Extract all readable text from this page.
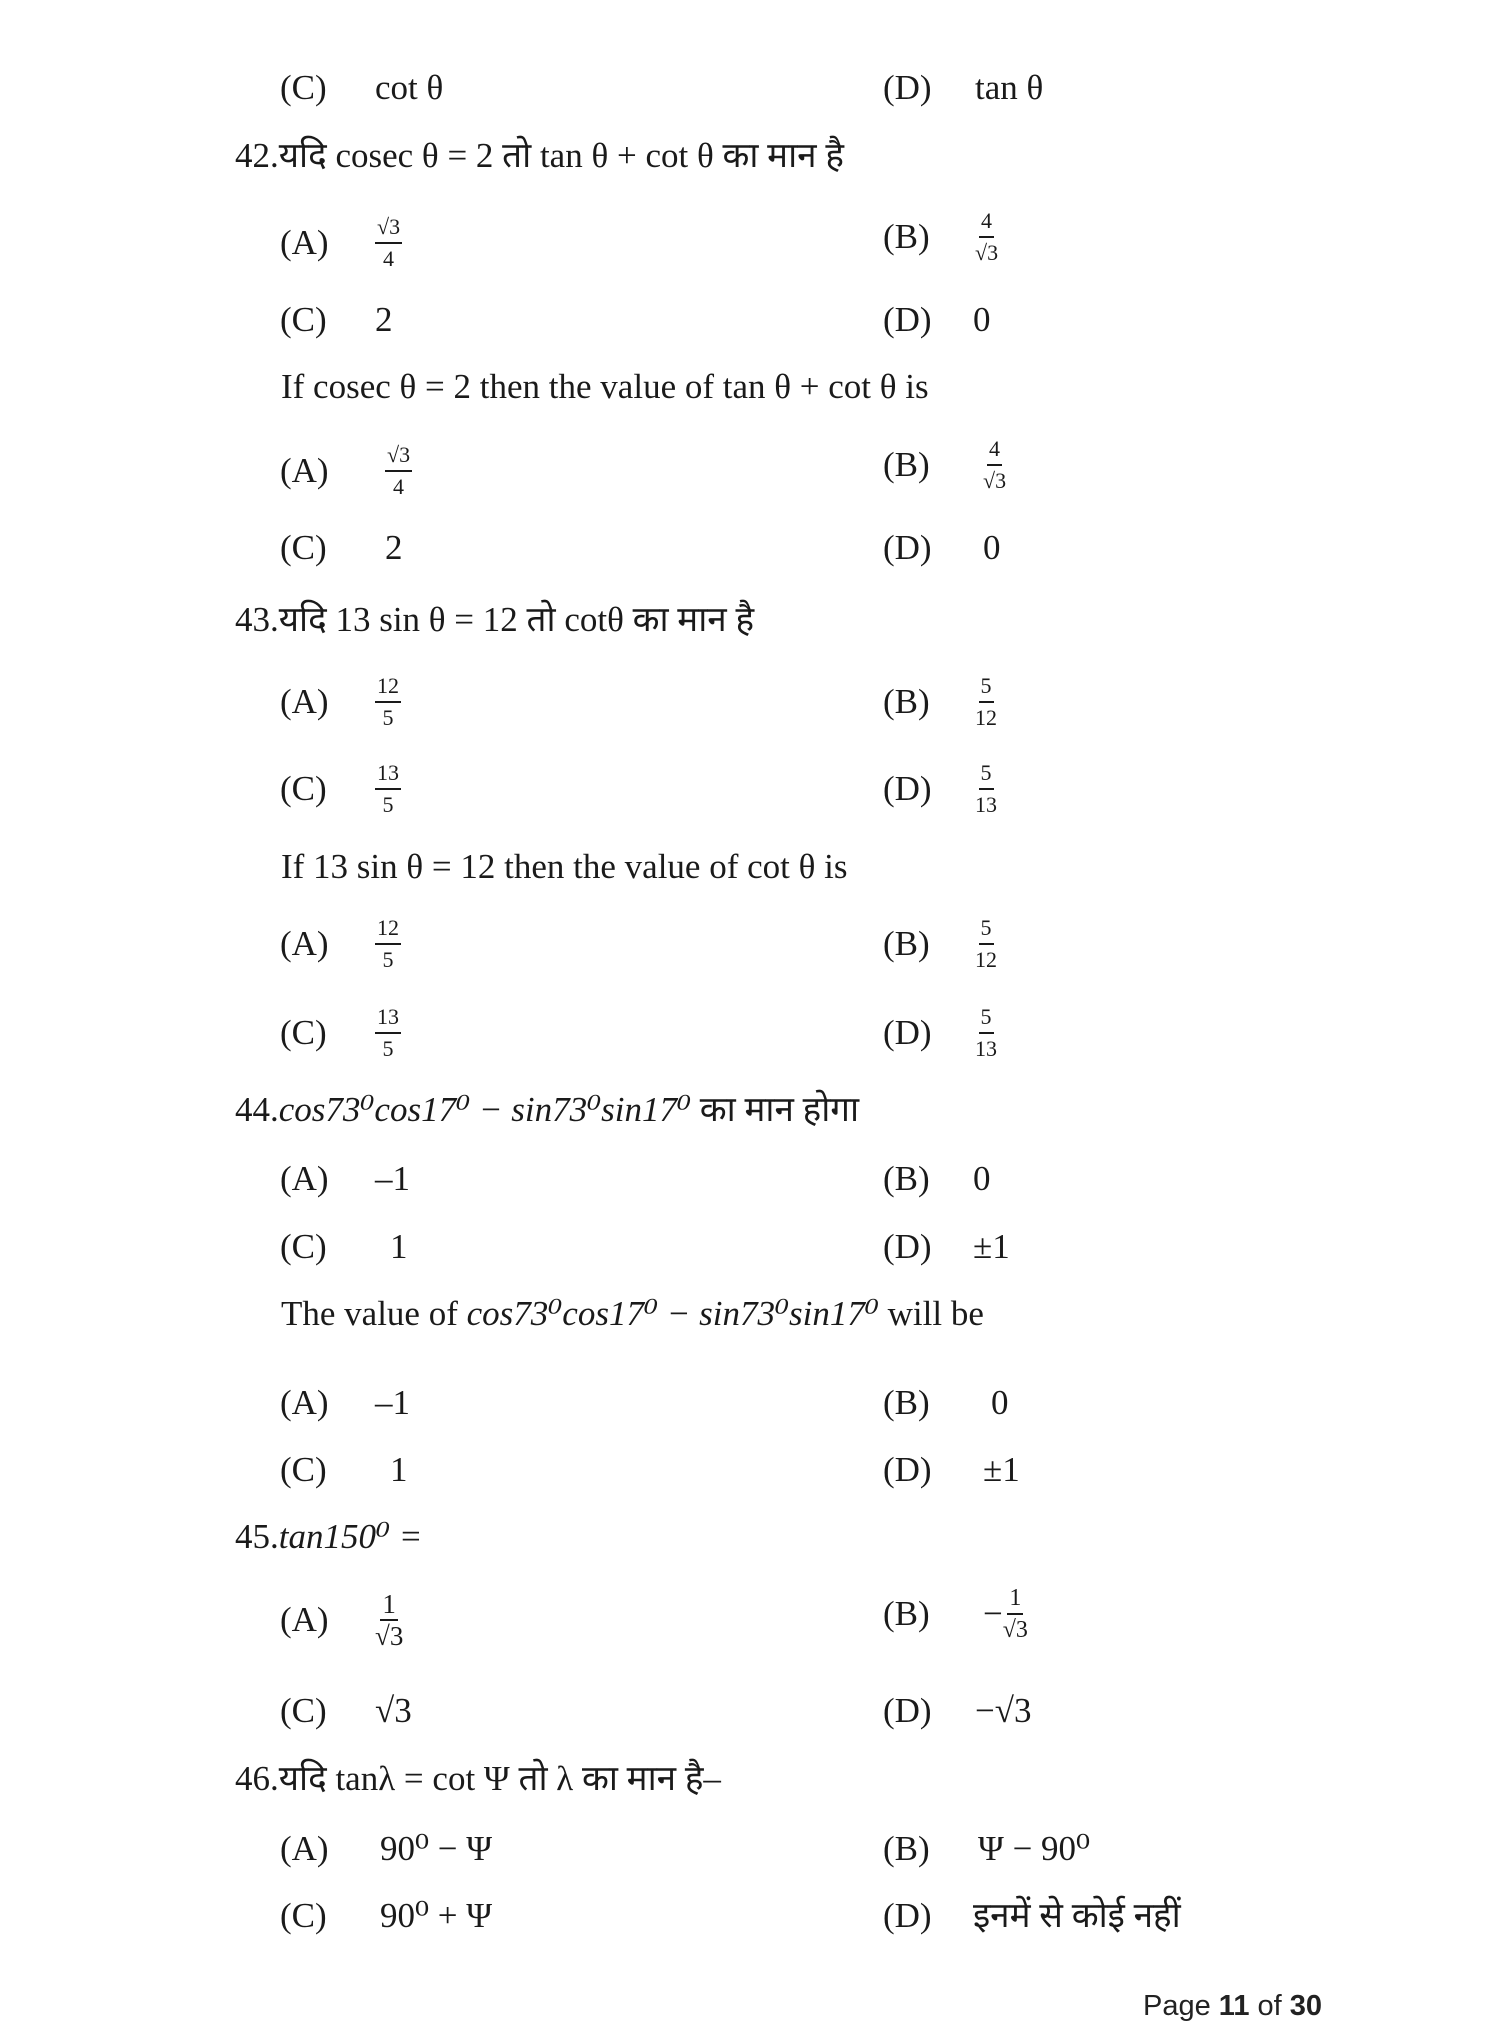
(C)	cot θ	(D)	tan θ
42.यदि cosec θ = 2 तो tan θ + cot θ का मान है
(A)	$\frac{√3}{4}$	(B)	$\frac{4}{√3}$
(C)	2	(D)	0
If cosec θ = 2 then the value of tan θ + cot θ is
(A)	$\frac{√3}{4}$	(B)	$\frac{4}{√3}$
(C)	2	(D)	0
43.यदि 13 sin θ = 12 तो cotθ का मान है
(A)	$\frac{12}{5}$	(B)	$\frac{5}{12}$
(C)	$\frac{13}{5}$	(D)	$\frac{5}{13}$
If 13 sin θ = 12 then the value of cot θ is
(A)	$\frac{12}{5}$	(B)	$\frac{5}{12}$
(C)	$\frac{13}{5}$	(D)	$\frac{5}{13}$
44.cos73⁰cos17⁰ − sin73⁰sin17⁰ का मान होगा
(A)	–1	(B)	0
(C)	1	(D)	±1
The value of cos73⁰cos17⁰ − sin73⁰sin17⁰ will be
(A)	–1	(B)	0
(C)	1	(D)	±1
45.tan150⁰ =
(A)	$\frac{1}{√3}$	(B)	− $\frac{1}{√3}$
(C)	√3	(D)	−√3
46.यदि tanλ = cot Ψ तो λ का मान है–
(A)	90⁰ − Ψ	(B)	Ψ − 90⁰
(C)	90⁰ + Ψ	(D)	इनमें से कोई नहीं
Page 11 of 30
